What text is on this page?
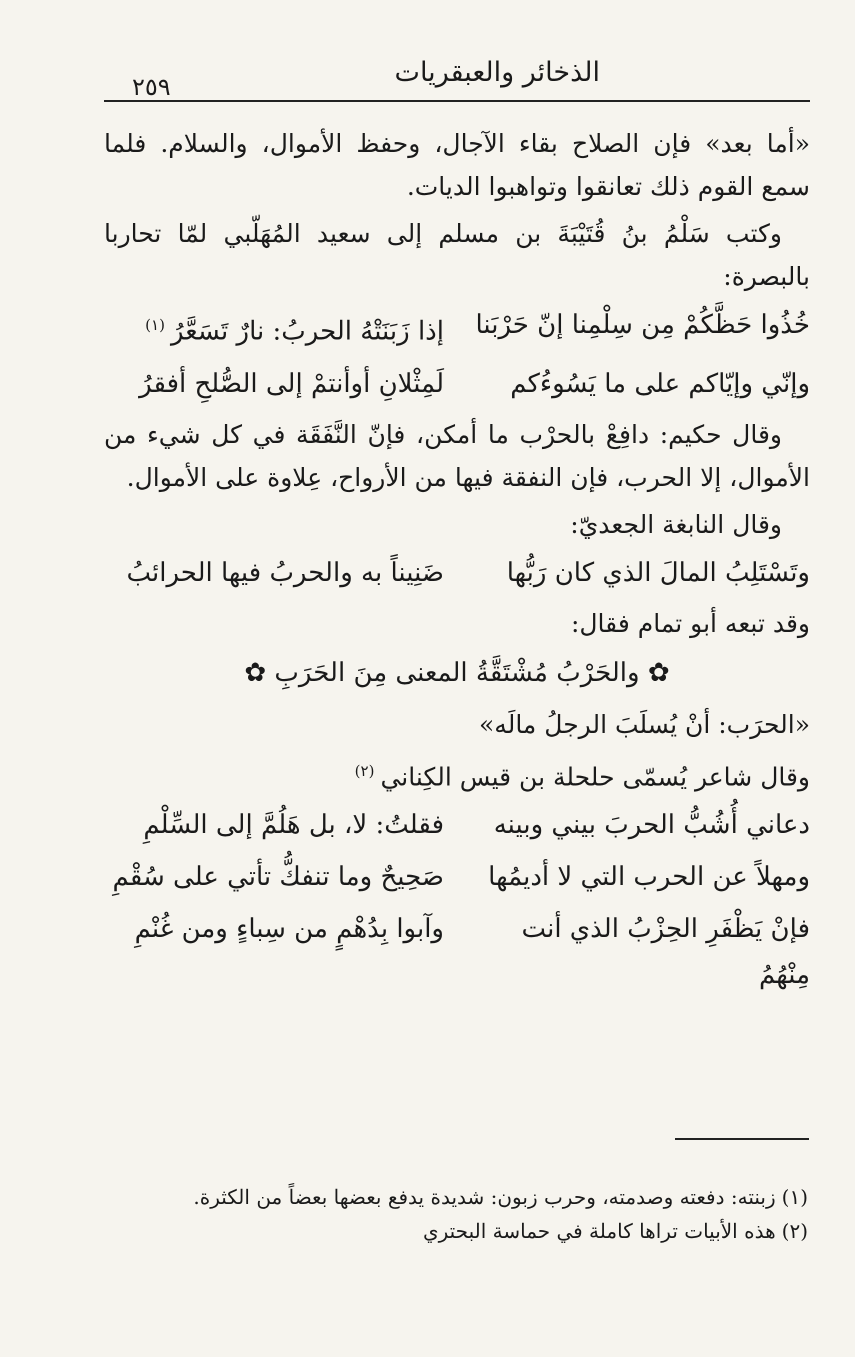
الذخائر والعبقريات
٢٥٩

«أما بعد» فإن الصلاح بقاء الآجال، وحفظ الأموال، والسلام. فلما سمع القوم ذلك تعانقوا وتواهبوا الديات.

وكتب سَلْمُ بنُ قُتَيْبَةَ بن مسلم إلى سعيد المُهَلّبي لمّا تحاربا بالبصرة:

خُذُوا حَظَّكُمْ مِن سِلْمِنا إنّ حَرْبَنا
إذا زَبَنَتْهُ الحربُ: نارٌ تَسَعَّرُ$^{(١)}$
وإنّي وإيّاكم على ما يَسُوءُكم
لَمِثْلانِ أوأنتمْ إلى الصُّلحِ أفقرُ

وقال حكيم: دافِعْ بالحرْب ما أمكن، فإنّ النَّفَقَة في كل شيء من الأموال، إلا الحرب، فإن النفقة فيها من الأرواح، عِلاوة على الأموال.

وقال النابغة الجعديّ:

وتَسْتَلِبُ المالَ الذي كان رَبُّها
ضَنِيناً به والحربُ فيها الحرائبُ

وقد تبعه أبو تمام فقال:

✿ والحَرْبُ مُشْتَقَّةُ المعنى مِنَ الحَرَبِ ✿

«الحرَب: أنْ يُسلَبَ الرجلُ مالَه»

وقال شاعر يُسمّى حلحلة بن قيس الكِناني$^{(٢)}$

دعاني أُشُبُّ الحربَ بيني وبينه
فقلتُ: لا، بل هَلُمَّ إلى السِّلْمِ
ومهلاً عن الحرب التي لا أديمُها
صَحِيحٌ وما تنفكُّ تأتي على سُقْمِ
فإنْ يَظْفَرِ الحِزْبُ الذي أنت مِنْهُمُ
وآبوا بِدُهْمٍ من سِباءٍ ومن غُنْمِ
(١)زبنته: دفعته وصدمته، وحرب زبون: شديدة يدفع بعضها بعضاً من الكثرة.
(٢)هذه الأبيات تراها كاملة في حماسة البحتري
